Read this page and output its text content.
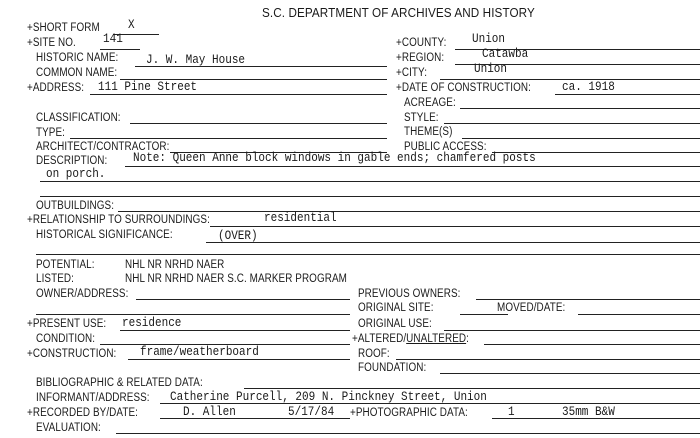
S.C. DEPARTMENT OF ARCHIVES AND HISTORY
+SHORT FORM X
+SITE NO. 141	+COUNTY: Union
HISTORIC NAME: J. W. May House	+REGION:	Catawba
COMMON NAME:	+CITY:	Union
+ADDRESS: 111 Pine Street	+DATE OF CONSTRUCTION: ca. 1918
ACREAGE:
CLASSIFICATION:	STYLE:
TYPE:	THEME(S)
ARCHITECT/CONTRACTOR:	PUBLIC ACCESS:
DESCRIPTION: Note: Queen Anne block windows in gable ends; chamfered posts
on porch.
OUTBUILDINGS:
+RELATIONSHIP TO SURROUNDINGS:	residential
HISTORICAL SIGNIFICANCE:	(OVER)
POTENTIAL:	NHL NR NRHD NAER
LISTED:	NHL NR NRHD NAER S.C. MARKER PROGRAM
OWNER/ADDRESS:	PREVIOUS OWNERS:
ORIGINAL SITE:	MOVED/DATE:
+PRESENT USE: residence	ORIGINAL USE:
CONDITION:	+ALTERED/UNALTERED:
+CONSTRUCTION: frame/weatherboard	ROOF:
FOUNDATION:
BIBLIOGRAPHIC & RELATED DATA:
INFORMANT/ADDRESS: Catherine Purcell, 209 N. Pinckney Street, Union
+RECORDED BY/DATE:	D. Allen	5/17/84 +PHOTOGRAPHIC DATA:	1	35mm B&W
EVALUATION:
